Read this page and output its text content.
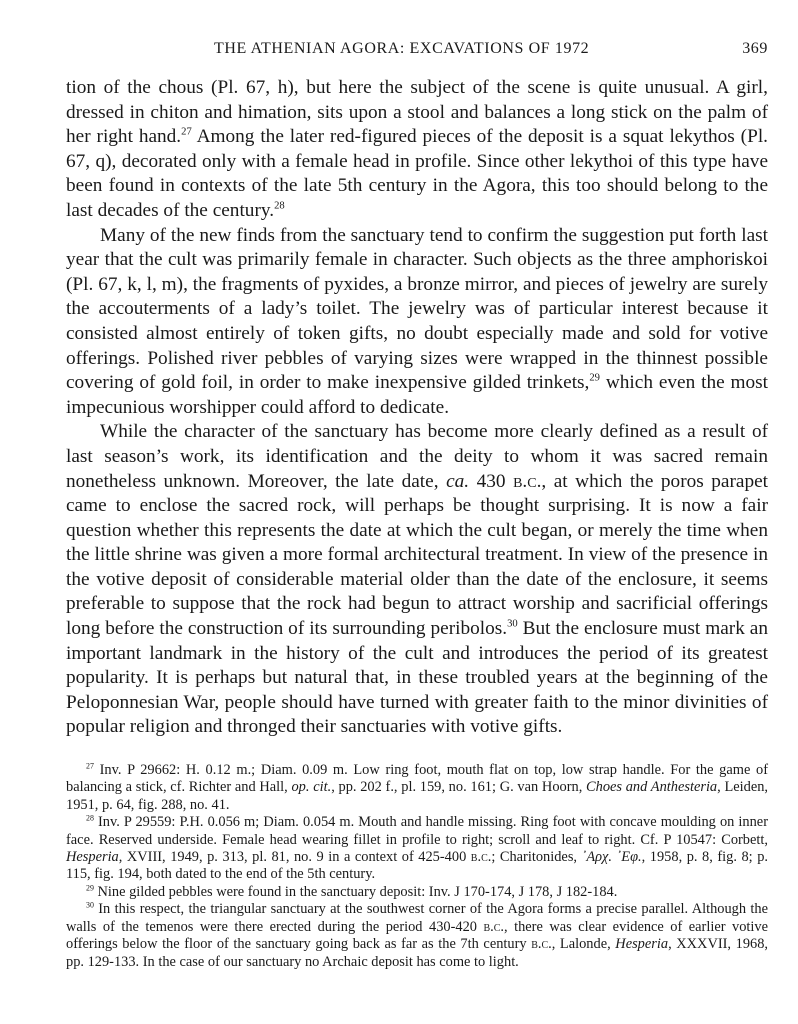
THE ATHENIAN AGORA: EXCAVATIONS OF 1972	369

tion of the chous (Pl. 67, h), but here the subject of the scene is quite unusual. A girl, dressed in chiton and himation, sits upon a stool and balances a long stick on the palm of her right hand.$^{27}$ Among the later red-figured pieces of the deposit is a squat lekythos (Pl. 67, q), decorated only with a female head in profile. Since other lekythoi of this type have been found in contexts of the late 5th century in the Agora, this too should belong to the last decades of the century.$^{28}$

Many of the new finds from the sanctuary tend to confirm the suggestion put forth last year that the cult was primarily female in character. Such objects as the three amphoriskoi (Pl. 67, k, l, m), the fragments of pyxides, a bronze mirror, and pieces of jewelry are surely the accouterments of a lady’s toilet. The jewelry was of particular interest because it consisted almost entirely of token gifts, no doubt especially made and sold for votive offerings. Polished river pebbles of varying sizes were wrapped in the thinnest possible covering of gold foil, in order to make inexpensive gilded trinkets,$^{29}$ which even the most impecunious worshipper could afford to dedicate.

While the character of the sanctuary has become more clearly defined as a result of last season’s work, its identification and the deity to whom it was sacred remain nonetheless unknown. Moreover, the late date, ca. 430 b.c., at which the poros parapet came to enclose the sacred rock, will perhaps be thought surprising. It is now a fair question whether this represents the date at which the cult began, or merely the time when the little shrine was given a more formal architectural treatment. In view of the presence in the votive deposit of considerable material older than the date of the enclosure, it seems preferable to suppose that the rock had begun to attract worship and sacrificial offerings long before the construction of its surrounding peribolos.$^{30}$ But the enclosure must mark an important landmark in the history of the cult and introduces the period of its greatest popularity. It is perhaps but natural that, in these troubled years at the beginning of the Peloponnesian War, people should have turned with greater faith to the minor divinities of popular religion and thronged their sanctuaries with votive gifts.

$^{27}$ Inv. P 29662: H. 0.12 m.; Diam. 0.09 m. Low ring foot, mouth flat on top, low strap handle. For the game of balancing a stick, cf. Richter and Hall, op. cit., pp. 202 f., pl. 159, no. 161; G. van Hoorn, Choes and Anthesteria, Leiden, 1951, p. 64, fig. 288, no. 41.

$^{28}$ Inv. P 29559: P.H. 0.056 m; Diam. 0.054 m. Mouth and handle missing. Ring foot with concave moulding on inner face. Reserved underside. Female head wearing fillet in profile to right; scroll and leaf to right. Cf. P 10547: Corbett, Hesperia, XVIII, 1949, p. 313, pl. 81, no. 9 in a context of 425-400 b.c.; Charitonides, ᾿Αρχ. ᾿Εφ., 1958, p. 8, fig. 8; p. 115, fig. 194, both dated to the end of the 5th century.

$^{29}$ Nine gilded pebbles were found in the sanctuary deposit: Inv. J 170-174, J 178, J 182-184.

$^{30}$ In this respect, the triangular sanctuary at the southwest corner of the Agora forms a precise parallel. Although the walls of the temenos were there erected during the period 430-420 b.c., there was clear evidence of earlier votive offerings below the floor of the sanctuary going back as far as the 7th century b.c., Lalonde, Hesperia, XXXVII, 1968, pp. 129-133. In the case of our sanctuary no Archaic deposit has come to light.
